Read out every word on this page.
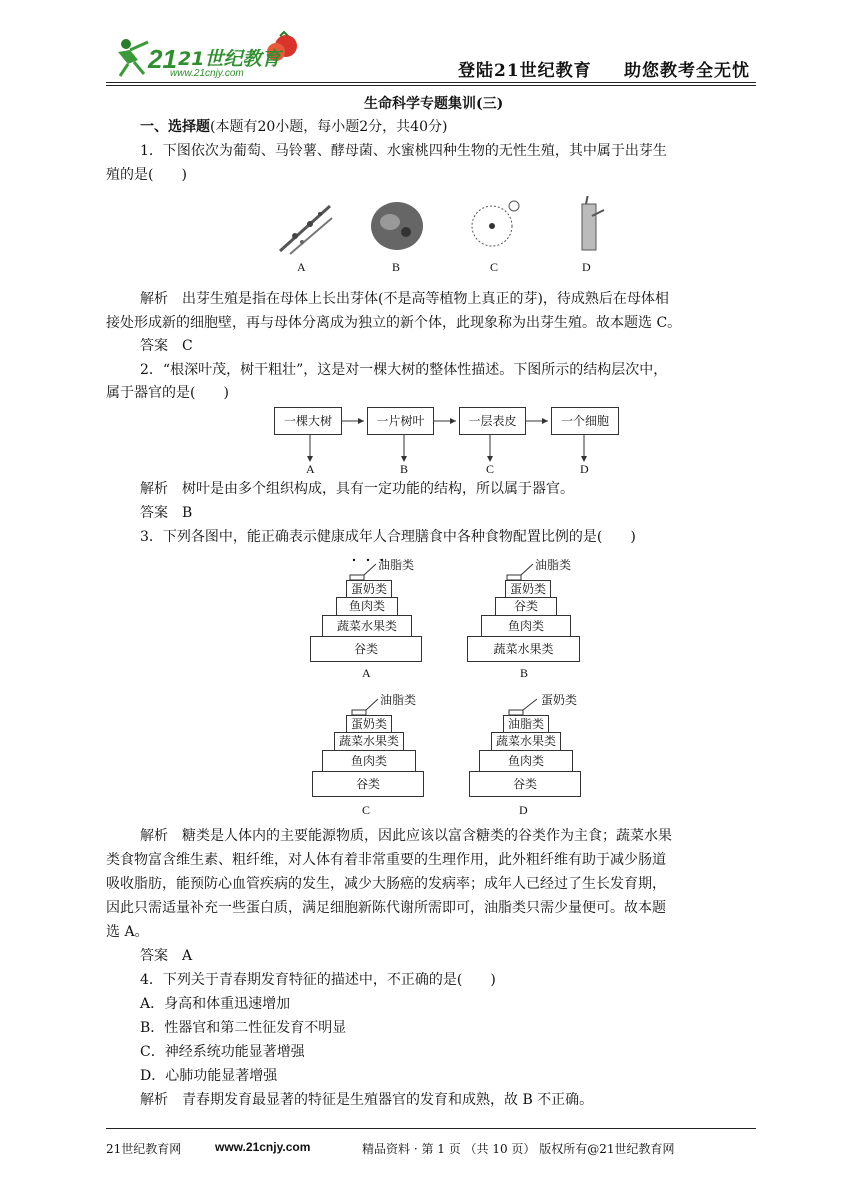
21 21世纪教育
www.21cnjy.com	登陆21世纪教育 助您教考全无忧
生命科学专题集训(三)
一、选择题(本题有20小题，每小题2分，共40分)
1．下图依次为葡萄、马铃薯、酵母菌、水蜜桃四种生物的无性生殖，其中属于出芽生
殖的是(　　)
A	B	C	D
解析　出芽生殖是指在母体上长出芽体(不是高等植物上真正的芽)，待成熟后在母体相
接处形成新的细胞壁，再与母体分离成为独立的新个体，此现象称为出芽生殖。故本题选 C。
答案　C
2．“根深叶茂，树干粗壮”，这是对一棵大树的整体性描述。下图所示的结构层次中，
属于器官的是(　　)
一棵大树	一片树叶	一层表皮	一个细胞
A	B	C	D
解析　树叶是由多个组织构成，具有一定功能的结构，所以属于器官。
答案　B
3．下列各图中，能正确表示健康成年人合理膳食中各种食物配置比例的是(　　)
油脂类
蛋奶类
鱼肉类
蔬菜水果类
谷类
A
油脂类
蛋奶类
谷类
鱼肉类
蔬菜水果类
B
油脂类
蛋奶类
蔬菜水果类
鱼肉类
谷类
C
蛋奶类
油脂类
蔬菜水果类
鱼肉类
谷类
D
解析　糖类是人体内的主要能源物质，因此应该以富含糖类的谷类作为主食；蔬菜水果
类食物富含维生素、粗纤维，对人体有着非常重要的生理作用，此外粗纤维有助于减少肠道
吸收脂肪，能预防心血管疾病的发生，减少大肠癌的发病率；成年人已经过了生长发育期，
因此只需适量补充一些蛋白质，满足细胞新陈代谢所需即可，油脂类只需少量便可。故本题
选 A。
答案　A
4．下列关于青春期发育特征的描述中，不正确的是(　　)
A．身高和体重迅速增加
B．性器官和第二性征发育不明显
C．神经系统功能显著增强
D．心肺功能显著增强
解析　青春期发育最显著的特征是生殖器官的发育和成熟，故 B 不正确。
21世纪教育网	www.21cnjy.com	精品资料 · 第 1 页 （共 10 页） 版权所有@21世纪教育网
